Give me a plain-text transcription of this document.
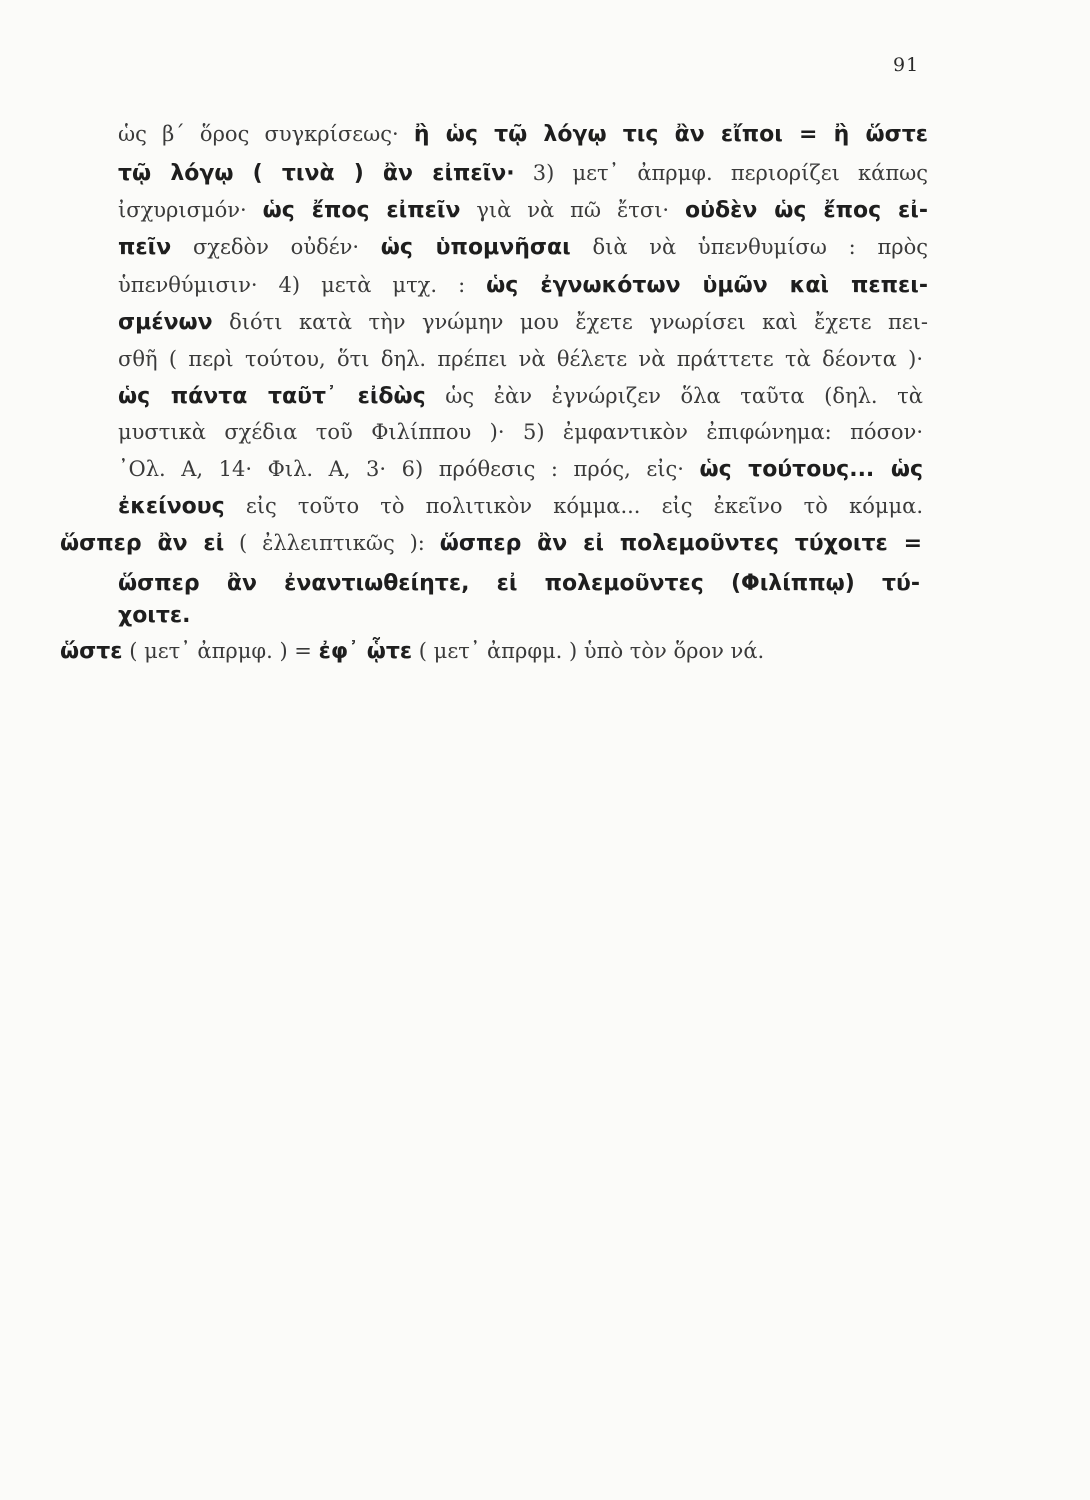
91
ὡς β΄ ὅρος συγκρίσεως· ἢ ὡς τῷ λόγῳ τις ἂν εἴποι = ἢ ὥστε
τῷ λόγῳ ( τινὰ ) ἂν εἰπεῖν· 3) μετ᾽ ἀπρμφ. περιορίζει κάπως
ἰσχυρισμόν· ὡς ἔπος εἰπεῖν γιὰ νὰ πῶ ἔτσι· οὐδὲν ὡς ἔπος εἰ-
πεῖν σχεδὸν οὐδέν· ὡς ὑπομνῆσαι διὰ νὰ ὑπενθυμίσω : πρὸς
ὑπενθύμισιν· 4) μετὰ μτχ. : ὡς ἐγνωκότων ὑμῶν καὶ πεπει-
σμένων διότι κατὰ τὴν γνώμην μου ἔχετε γνωρίσει καὶ ἔχετε πει-
σθῆ ( περὶ τούτου, ὅτι δηλ. πρέπει νὰ θέλετε νὰ πράττετε τὰ δέοντα )·
ὡς πάντα ταῦτ᾽ εἰδὼς ὡς ἐὰν ἐγνώριζεν ὅλα ταῦτα (δηλ. τὰ
μυστικὰ σχέδια τοῦ Φιλίππου )· 5) ἐμφαντικὸν ἐπιφώνημα: πόσον·
᾽Ολ. Α, 14· Φιλ. Α, 3· 6) πρόθεσις : πρός, εἰς· ὡς τούτους... ὡς
ἐκείνους εἰς τοῦτο τὸ πολιτικὸν κόμμα... εἰς ἐκεῖνο τὸ κόμμα.
ὥσπερ ἂν εἰ ( ἐλλειπτικῶς ): ὥσπερ ἂν εἰ πολεμοῦντες τύχοιτε =
ὥσπερ ἂν ἐναντιωθείητε, εἰ πολεμοῦντες (Φιλίππῳ) τύ-
χοιτε.
ὥστε ( μετ᾽ ἀπρμφ. ) = ἐφ᾽ ᾧτε ( μετ᾽ ἀπρφμ. ) ὑπὸ τὸν ὅρον νά.
